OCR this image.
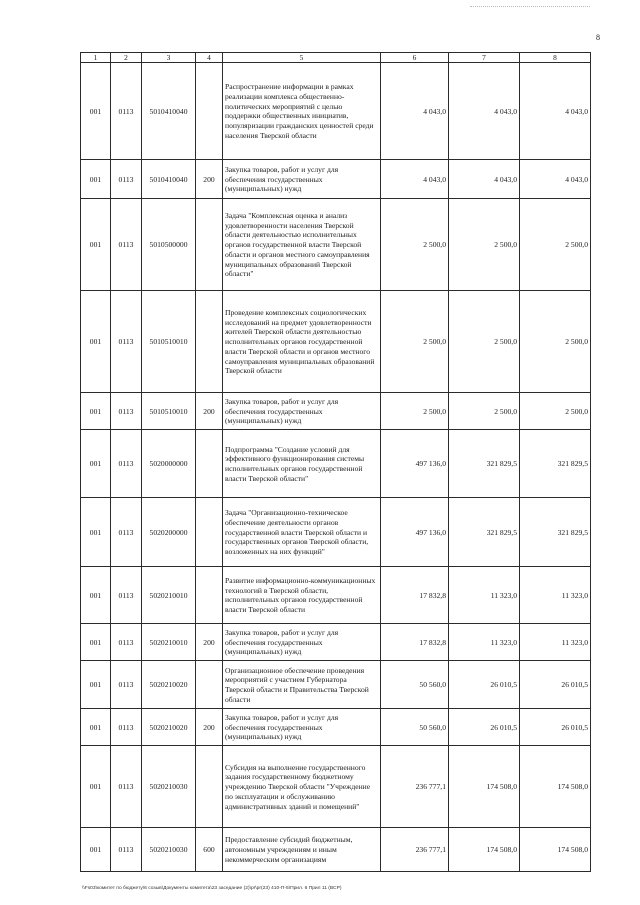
8
1	2	3	4	5	6	7	8
001	0113	5010410040		Распространение информации в рамках реализации комплекса общественно-политических мероприятий с целью поддержки общественных инициатив, популяризации гражданских ценностей среди населения Тверской области	4 043,0	4 043,0	4 043,0
001	0113	5010410040	200	Закупка товаров, работ и услуг для обеспечения государственных (муниципальных) нужд	4 043,0	4 043,0	4 043,0
001	0113	5010500000		Задача "Комплексная оценка и анализ удовлетворенности населения Тверской области деятельностью исполнительных органов государственной власти Тверской области и органов местного самоуправления муниципальных образований Тверской области"	2 500,0	2 500,0	2 500,0
001	0113	5010510010		Проведение комплексных социологических исследований на предмет удовлетворенности жителей Тверской области деятельностью исполнительных органов государственной власти Тверской области и органов местного самоуправления муниципальных образований Тверской области	2 500,0	2 500,0	2 500,0
001	0113	5010510010	200	Закупка товаров, работ и услуг для обеспечения государственных (муниципальных) нужд	2 500,0	2 500,0	2 500,0
001	0113	5020000000		Подпрограмма "Создание условий для эффективного функционирования системы исполнительных органов государственной власти Тверской области"	497 136,0	321 829,5	321 829,5
001	0113	5020200000		Задача "Организационно-техническое обеспечение деятельности органов государственной власти Тверской области и государственных органов Тверской области, возложенных на них функций"	497 136,0	321 829,5	321 829,5
001	0113	5020210010		Развитие информационно-коммуникационных технологий в Тверской области, исполнительных органов государственной власти Тверской области	17 832,8	11 323,0	11 323,0
001	0113	5020210010	200	Закупка товаров, работ и услуг для обеспечения государственных (муниципальных) нужд	17 832,8	11 323,0	11 323,0
001	0113	5020210020		Организационное обеспечение проведения мероприятий с участием Губернатора Тверской области и Правительства Тверской области	50 560,0	26 010,5	26 010,5
001	0113	5020210020	200	Закупка товаров, работ и услуг для обеспечения государственных (муниципальных) нужд	50 560,0	26 010,5	26 010,5
001	0113	5020210030		Субсидия на выполнение государственного задания государственному бюджетному учреждению Тверской области "Учреждение по эксплуатации и обслуживанию административных зданий и помещений"	236 777,1	174 508,0	174 508,0
001	0113	5020210030	600	Предоставление субсидий бюджетным, автономным учреждениям и иным некоммерческим организациям	236 777,1	174 508,0	174 508,0
\\Fs03\комитет по бюджету\6 созыв\Документы комитета\23 заседание (2)\pr\pr(23) 410-П-5\Прил. 6 Прил 11 (ВСР)
